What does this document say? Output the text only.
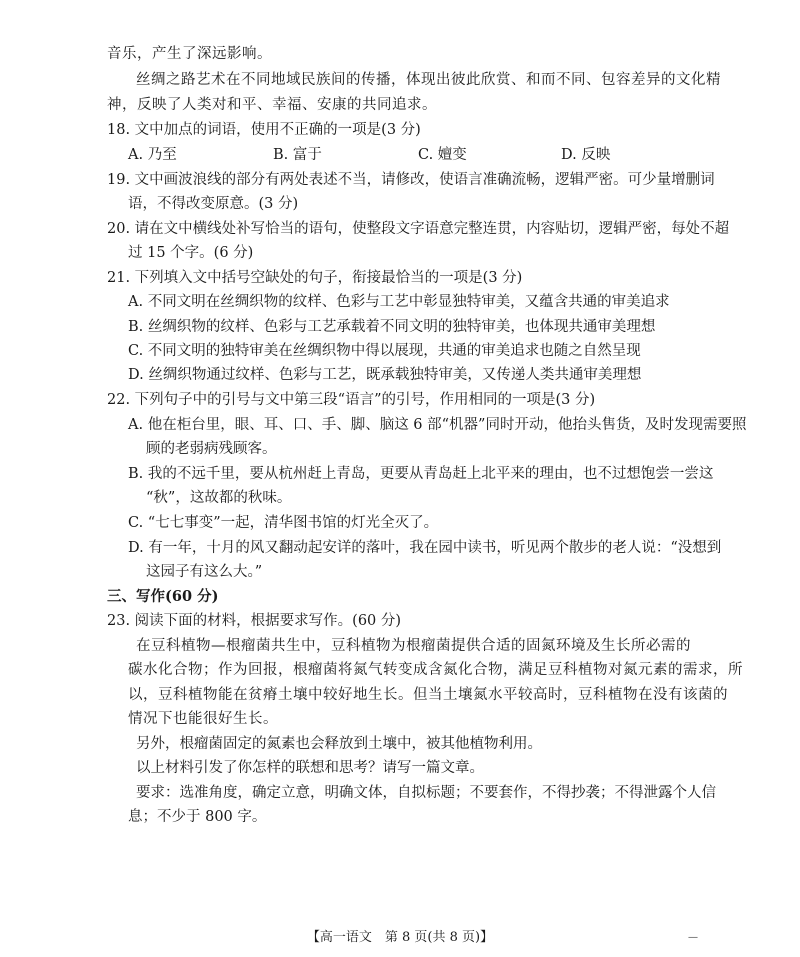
音乐，产生了深远影响。
丝绸之路艺术在不同地域民族间的传播，体现出彼此欣赏、和而不同、包容差异的文化精
神，反映了人类对和平、幸福、安康的共同追求。
18. 文中加点的词语，使用不正确的一项是(3 分)
A. 乃至	B. 富于	C. 嬗变	D. 反映
19. 文中画波浪线的部分有两处表述不当，请修改，使语言准确流畅，逻辑严密。可少量增删词
语，不得改变原意。(3 分)
20. 请在文中横线处补写恰当的语句，使整段文字语意完整连贯，内容贴切，逻辑严密，每处不超
过 15 个字。(6 分)
21. 下列填入文中括号空缺处的句子，衔接最恰当的一项是(3 分)
A. 不同文明在丝绸织物的纹样、色彩与工艺中彰显独特审美，又蕴含共通的审美追求
B. 丝绸织物的纹样、色彩与工艺承载着不同文明的独特审美，也体现共通审美理想
C. 不同文明的独特审美在丝绸织物中得以展现，共通的审美追求也随之自然呈现
D. 丝绸织物通过纹样、色彩与工艺，既承载独特审美，又传递人类共通审美理想
22. 下列句子中的引号与文中第三段“语言”的引号，作用相同的一项是(3 分)
A. 他在柜台里，眼、耳、口、手、脚、脑这 6 部“机器”同时开动，他抬头售货，及时发现需要照
顾的老弱病残顾客。
B. 我的不远千里，要从杭州赶上青岛，更要从青岛赶上北平来的理由，也不过想饱尝一尝这
“秋”，这故都的秋味。
C. “七七事变”一起，清华图书馆的灯光全灭了。
D. 有一年，十月的风又翻动起安详的落叶，我在园中读书，听见两个散步的老人说：“没想到
这园子有这么大。”
三、写作(60 分)
23. 阅读下面的材料，根据要求写作。(60 分)
在豆科植物—根瘤菌共生中，豆科植物为根瘤菌提供合适的固氮环境及生长所必需的
碳水化合物；作为回报，根瘤菌将氮气转变成含氮化合物，满足豆科植物对氮元素的需求，所
以，豆科植物能在贫瘠土壤中较好地生长。但当土壤氮水平较高时，豆科植物在没有该菌的
情况下也能很好生长。
另外，根瘤菌固定的氮素也会释放到土壤中，被其他植物利用。
以上材料引发了你怎样的联想和思考？请写一篇文章。
要求：选准角度，确定立意，明确文体，自拟标题；不要套作，不得抄袭；不得泄露个人信
息；不少于 800 字。
【高一语文　第 8 页(共 8 页)】	—
